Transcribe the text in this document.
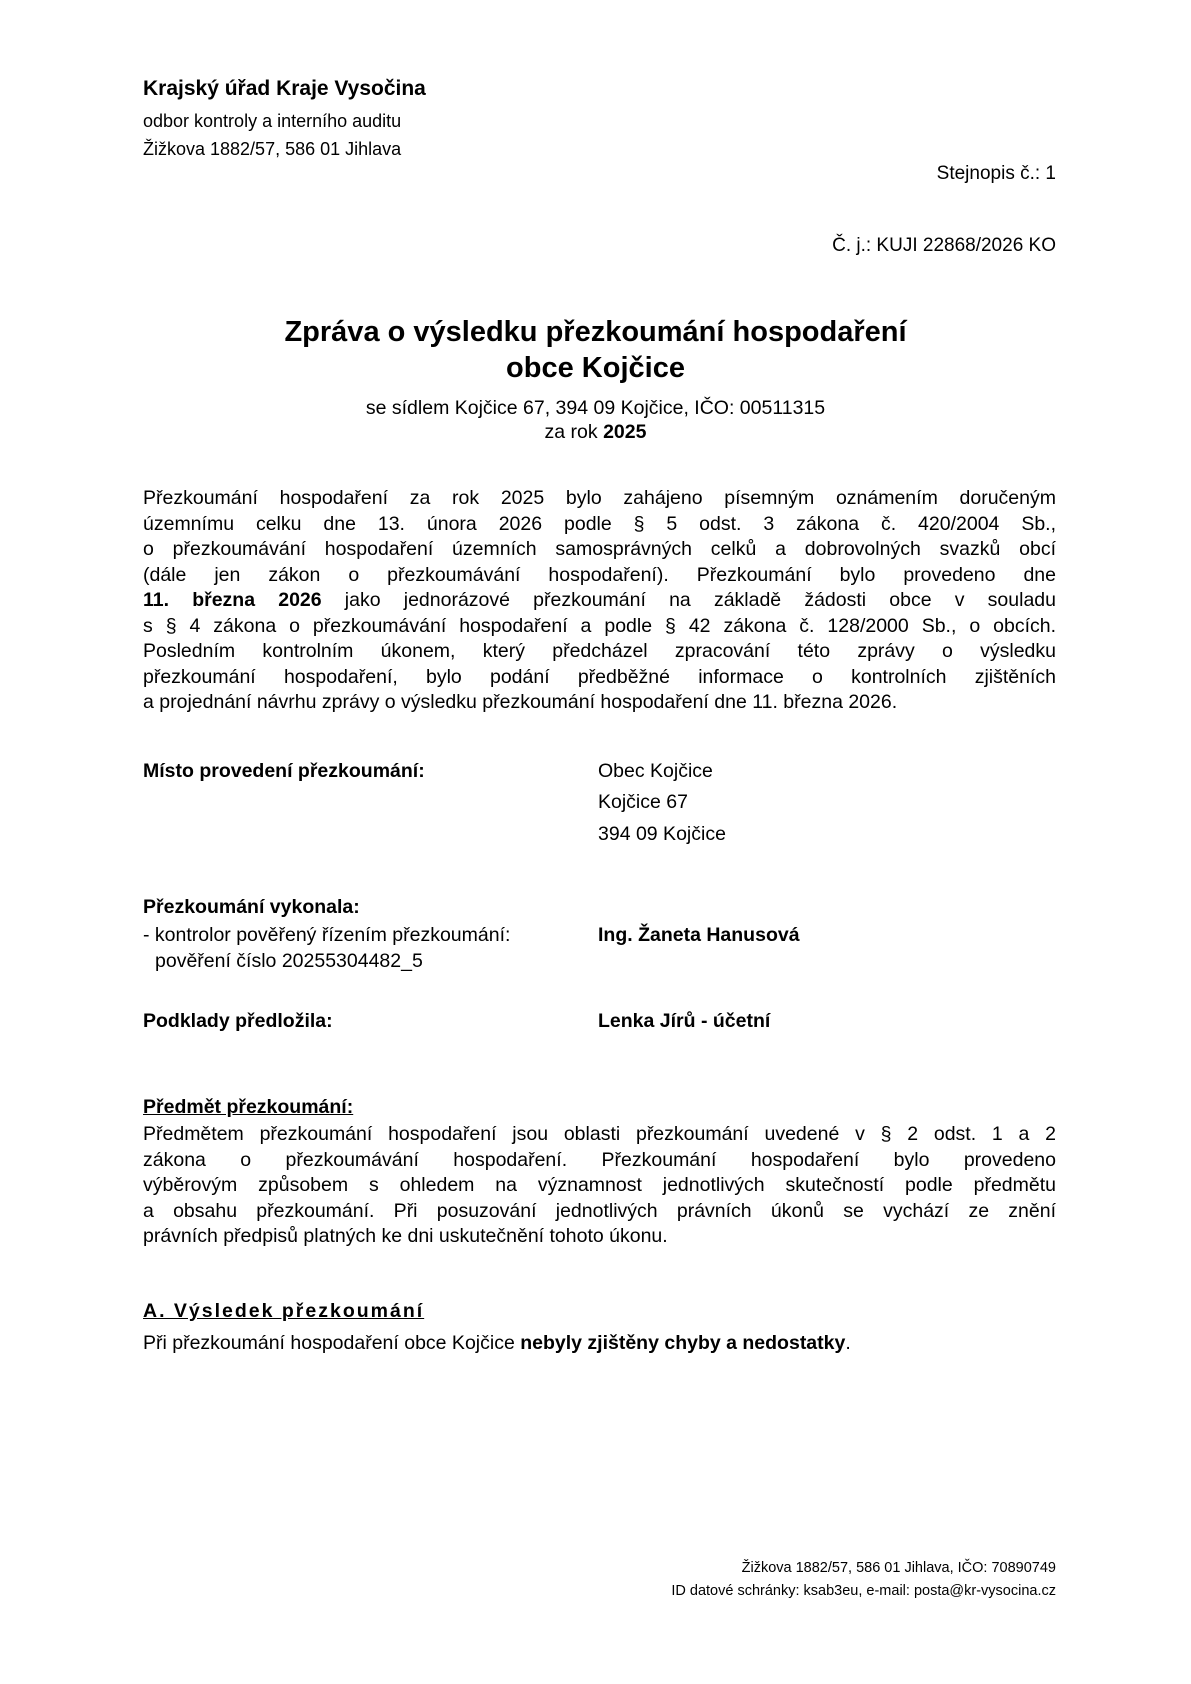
Krajský úřad Kraje Vysočina
odbor kontroly a interního auditu
Žižkova 1882/57, 586 01 Jihlava
Stejnopis č.: 1
Č. j.: KUJI 22868/2026 KO
Zpráva o výsledku přezkoumání hospodaření
obce Kojčice
se sídlem Kojčice 67, 394 09 Kojčice, IČO: 00511315
za rok 2025
Přezkoumání hospodaření za rok 2025 bylo zahájeno písemným oznámením doručeným
územnímu celku dne 13. února 2026 podle § 5 odst. 3 zákona č. 420/2004 Sb.,
o přezkoumávání hospodaření územních samosprávných celků a dobrovolných svazků obcí
(dále jen zákon o přezkoumávání hospodaření). Přezkoumání bylo provedeno dne
11. března 2026 jako jednorázové přezkoumání na základě žádosti obce v souladu
s § 4 zákona o přezkoumávání hospodaření a podle § 42 zákona č. 128/2000 Sb., o obcích.
Posledním kontrolním úkonem, který předcházel zpracování této zprávy o výsledku
přezkoumání hospodaření, bylo podání předběžné informace o kontrolních zjištěních
a projednání návrhu zprávy o výsledku přezkoumání hospodaření dne 11. března 2026.
Místo provedení přezkoumání:	Obec Kojčice
Kojčice 67
394 09 Kojčice
Přezkoumání vykonala:
- kontrolor pověřený řízením přezkoumání:
pověření číslo 20255304482_5
Ing. Žaneta Hanusová
Podklady předložila:	Lenka Jírů - účetní
Předmět přezkoumání:
Předmětem přezkoumání hospodaření jsou oblasti přezkoumání uvedené v § 2 odst. 1 a 2
zákona o přezkoumávání hospodaření. Přezkoumání hospodaření bylo provedeno
výběrovým způsobem s ohledem na významnost jednotlivých skutečností podle předmětu
a obsahu přezkoumání. Při posuzování jednotlivých právních úkonů se vychází ze znění
právních předpisů platných ke dni uskutečnění tohoto úkonu.
A. Výsledek přezkoumání
Při přezkoumání hospodaření obce Kojčice nebyly zjištěny chyby a nedostatky.
Žižkova 1882/57, 586 01 Jihlava, IČO: 70890749
ID datové schránky: ksab3eu, e-mail: posta@kr-vysocina.cz
